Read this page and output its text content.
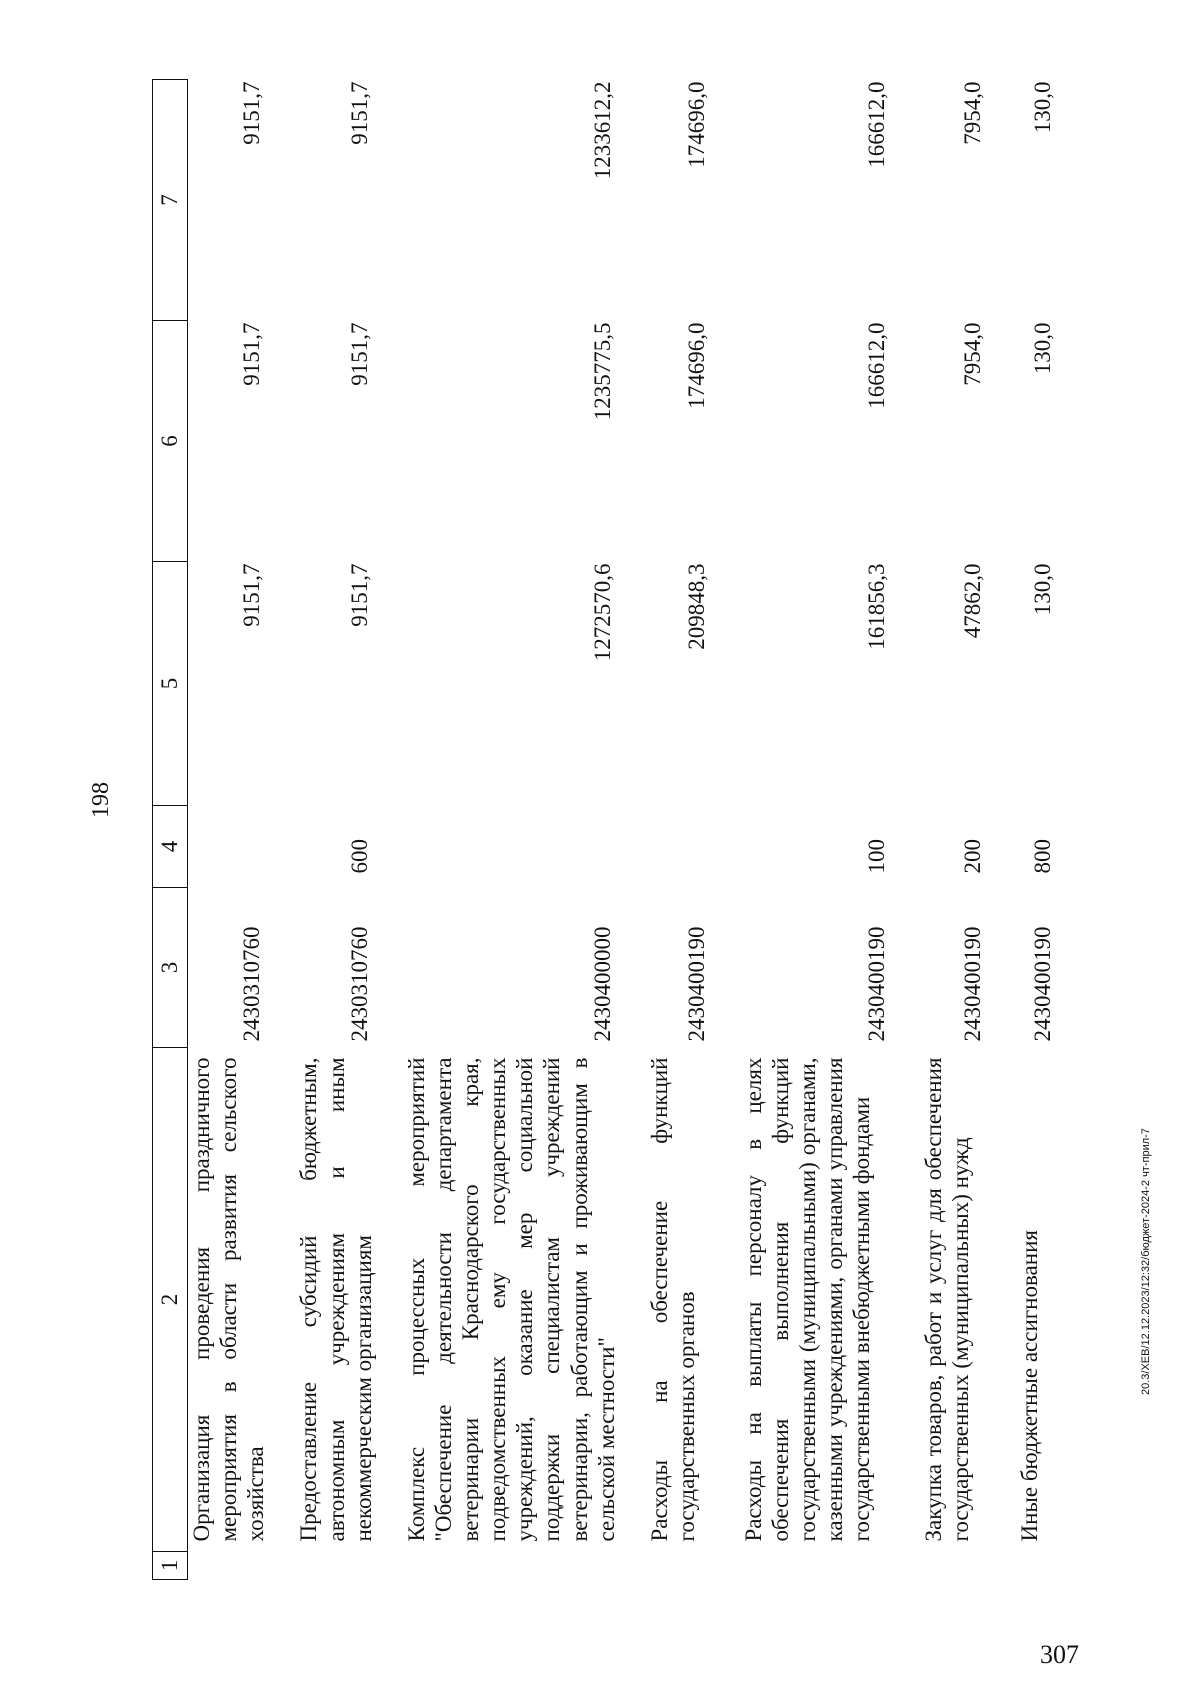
198
1	2	3	4	5	6	7
	Организация проведения праздничного мероприятия в области развития сельского хозяйства	2430310760		9151,7	9151,7	9151,7
	Предоставление субсидий бюджетным, автономным учреждениям и иным некоммерческим организациям	2430310760	600	9151,7	9151,7	9151,7
	Комплекс процессных мероприятий "Обеспечение деятельности департамента ветеринарии Краснодарского края, подведомственных ему государственных учреждений, оказание мер социальной поддержки специалистам учреждений ветеринарии, работающим и проживающим в сельской местности"	2430400000		1272570,6	1235775,5	1233612,2
	Расходы на обеспечение функций государственных органов	2430400190		209848,3	174696,0	174696,0
	Расходы на выплаты персоналу в целях обеспечения выполнения функций государственными (муниципальными) органами, казенными учреждениями, органами управления государственными внебюджетными фондами	2430400190	100	161856,3	166612,0	166612,0
	Закупка товаров, работ и услуг для обеспечения государственных (муниципальных) нужд	2430400190	200	47862,0	7954,0	7954,0
	Иные бюджетные ассигнования	2430400190	800	130,0	130,0	130,0
20.3/XEB/12.12.2023/12:32/бюджет-2024-2 чт-прил-7
307
